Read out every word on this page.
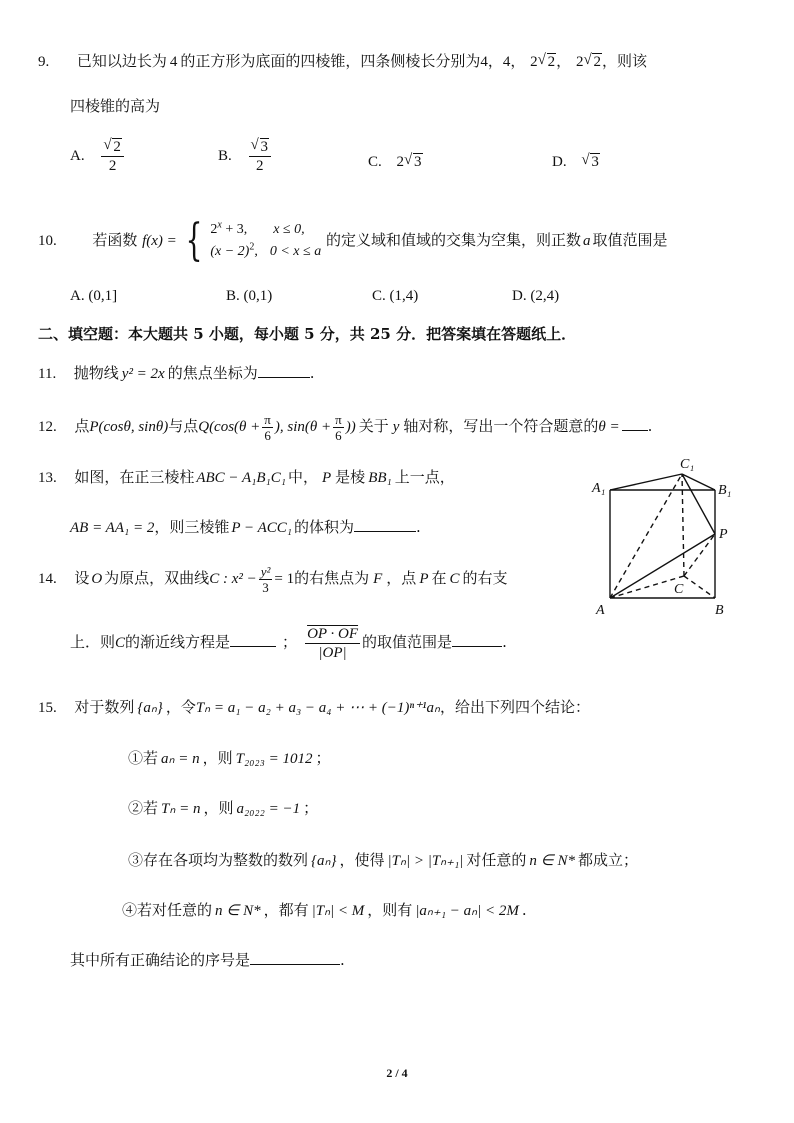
9. 已知以边长为 4 的正方形为底面的四棱锥，四条侧棱长分别为4，4， 2 √ 2， 2 √ 2，则该
四棱锥的高为
A. √ $\frac{2}{2}$	B. √ $\frac{3}{2}$	C. 2 √ 3	D. √ 3
10. 若函数 f(x) = { $2^x + 3$, x ≤ 0,
$(x - 2)^2$, 0 < x ≤ a
的定义域和值域的交集为空集，则正数 a 取值范围是
A. (0,1]	B. (0,1)	C. (1,4)	D. (2,4)
二、填空题：本大题共 5 小题，每小题 5 分，共 25 分．把答案填在答题纸上．
11. 抛物线 y² = 2x 的焦点坐标为	.
12. 点P(cosθ, sinθ)与点$Q(\cos(\theta + \frac{\pi}{6}$ ), $\sin(\theta + \frac{\pi}{6}$ )) 关于 y 轴对称，写出一个符合题意的θ = .
13. 如图，在正三棱柱 ABC − A₁B₁C₁ 中， P 是棱 BB₁ 上一点，
AB = AA₁ = 2，则三棱锥 P − ACC₁ 的体积为	.
A₁
C₁
B₁
P
C
A	B
14. 设 O 为原点，双曲线C : $x^2 - \frac{\text{y²}}{3} = 1$的右焦点为 F ，点 P 在 C 的右支
上．则C的渐近线方程是	； $\frac{OP \cdot OF}{|OP|}$ 的取值范围是	.
15. 对于数列 {aₙ} ，令Tₙ = a₁ − a₂ + a₃ − a₄ + ⋯ + (−1)ⁿ⁺¹aₙ，给出下列四个结论：
①若 aₙ = n ，则 T₂₀₂₃ = 1012 ；
②若 Tₙ = n ，则 a₂₀₂₂ = −1 ；
③存在各项均为整数的数列 {aₙ} ，使得 |Tₙ| > |Tₙ₊₁| 对任意的 n ∈ N* 都成立；
④若对任意的 n ∈ N* ，都有 |Tₙ| < M ，则有 |aₙ₊₁ − aₙ| < 2M .
其中所有正确结论的序号是	.
2 / 4
